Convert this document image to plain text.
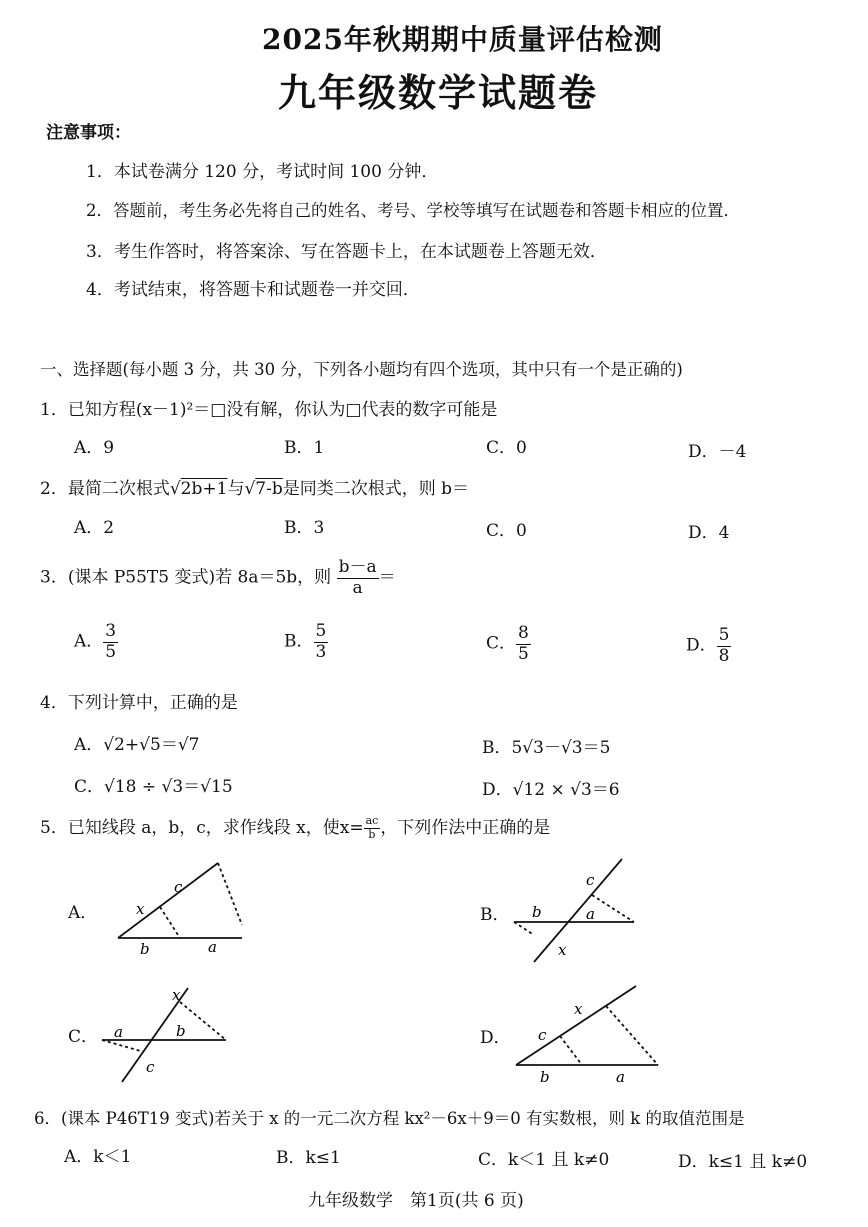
2025年秋期期中质量评估检测
九年级数学试题卷
注意事项：
1．本试卷满分 120 分，考试时间 100 分钟．
2．答题前，考生务必先将自己的姓名、考号、学校等填写在试题卷和答题卡相应的位置．
3．考生作答时，将答案涂、写在答题卡上，在本试题卷上答题无效．
4．考试结束，将答题卡和试题卷一并交回．
一、选择题(每小题 3 分，共 30 分，下列各小题均有四个选项，其中只有一个是正确的)
1．已知方程(x－1)²＝□没有解，你认为□代表的数字可能是
A．9	B．1	C．0	D．－4
2．最简二次根式√2b+1与√7-b是同类二次根式，则 b＝
A．2	B．3	C．0	D．4
3．(课本 P55T5 变式)若 8a＝5b，则 $\frac{b-a}{a}$ ＝
A． $\frac{3}{5}$	B． $\frac{5}{3}$	C． $\frac{8}{5}$	D． $\frac{5}{8}$
4．下列计算中，正确的是
A．√2+√5＝√7	B．5√3－√3＝5
C．√18 ÷ √3＝√15	D．√12 × √3＝6
5．已知线段 a，b，c，求作线段 x，使$x= \frac{ac}{b}$ ，下列作法中正确的是
A．	x
c
b	a
B． b
c
a
x
C． a
x
b
c
D． c
x
b	a
6．(课本 P46T19 变式)若关于 x 的一元二次方程 kx²－6x＋9＝0 有实数根，则 k 的取值范围是
A．k＜1	B．k≤1	C．k＜1 且 k≠0	D．k≤1 且 k≠0
九年级数学　第1页(共 6 页)
